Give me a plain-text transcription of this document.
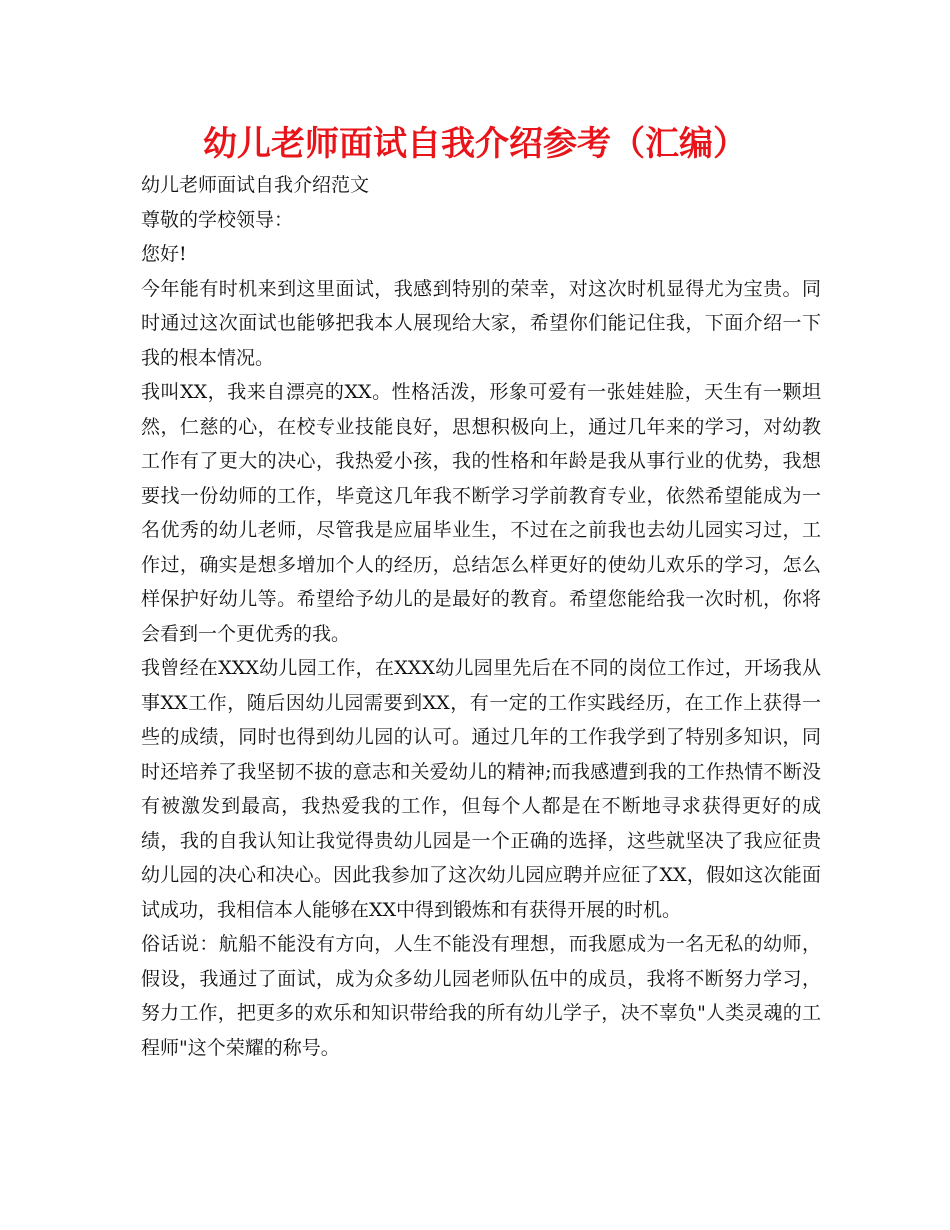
幼儿老师面试自我介绍参考（汇编）

幼儿老师面试自我介绍范文

尊敬的学校领导：

您好!

今年能有时机来到这里面试，我感到特别的荣幸，对这次时机显得尤为宝贵。同时通过这次面试也能够把我本人展现给大家，希望你们能记住我，下面介绍一下我的根本情况。

我叫XX，我来自漂亮的XX。性格活泼，形象可爱有一张娃娃脸，天生有一颗坦然，仁慈的心，在校专业技能良好，思想积极向上，通过几年来的学习，对幼教工作有了更大的决心，我热爱小孩，我的性格和年龄是我从事行业的优势，我想要找一份幼师的工作，毕竟这几年我不断学习学前教育专业，依然希望能成为一名优秀的幼儿老师，尽管我是应届毕业生，不过在之前我也去幼儿园实习过，工作过，确实是想多增加个人的经历，总结怎么样更好的使幼儿欢乐的学习，怎么样保护好幼儿等。希望给予幼儿的是最好的教育。希望您能给我一次时机，你将会看到一个更优秀的我。

我曾经在XXX幼儿园工作，在XXX幼儿园里先后在不同的岗位工作过，开场我从事XX工作，随后因幼儿园需要到XX，有一定的工作实践经历，在工作上获得一些的成绩，同时也得到幼儿园的认可。通过几年的工作我学到了特别多知识，同时还培养了我坚韧不拔的意志和关爱幼儿的精神;而我感遭到我的工作热情不断没有被激发到最高，我热爱我的工作，但每个人都是在不断地寻求获得更好的成绩，我的自我认知让我觉得贵幼儿园是一个正确的选择，这些就坚决了我应征贵幼儿园的决心和决心。因此我参加了这次幼儿园应聘并应征了XX，假如这次能面试成功，我相信本人能够在XX中得到锻炼和有获得开展的时机。

俗话说：航船不能没有方向，人生不能没有理想，而我愿成为一名无私的幼师，假设，我通过了面试，成为众多幼儿园老师队伍中的成员，我将不断努力学习，努力工作，把更多的欢乐和知识带给我的所有幼儿学子，决不辜负"人类灵魂的工程师"这个荣耀的称号。
